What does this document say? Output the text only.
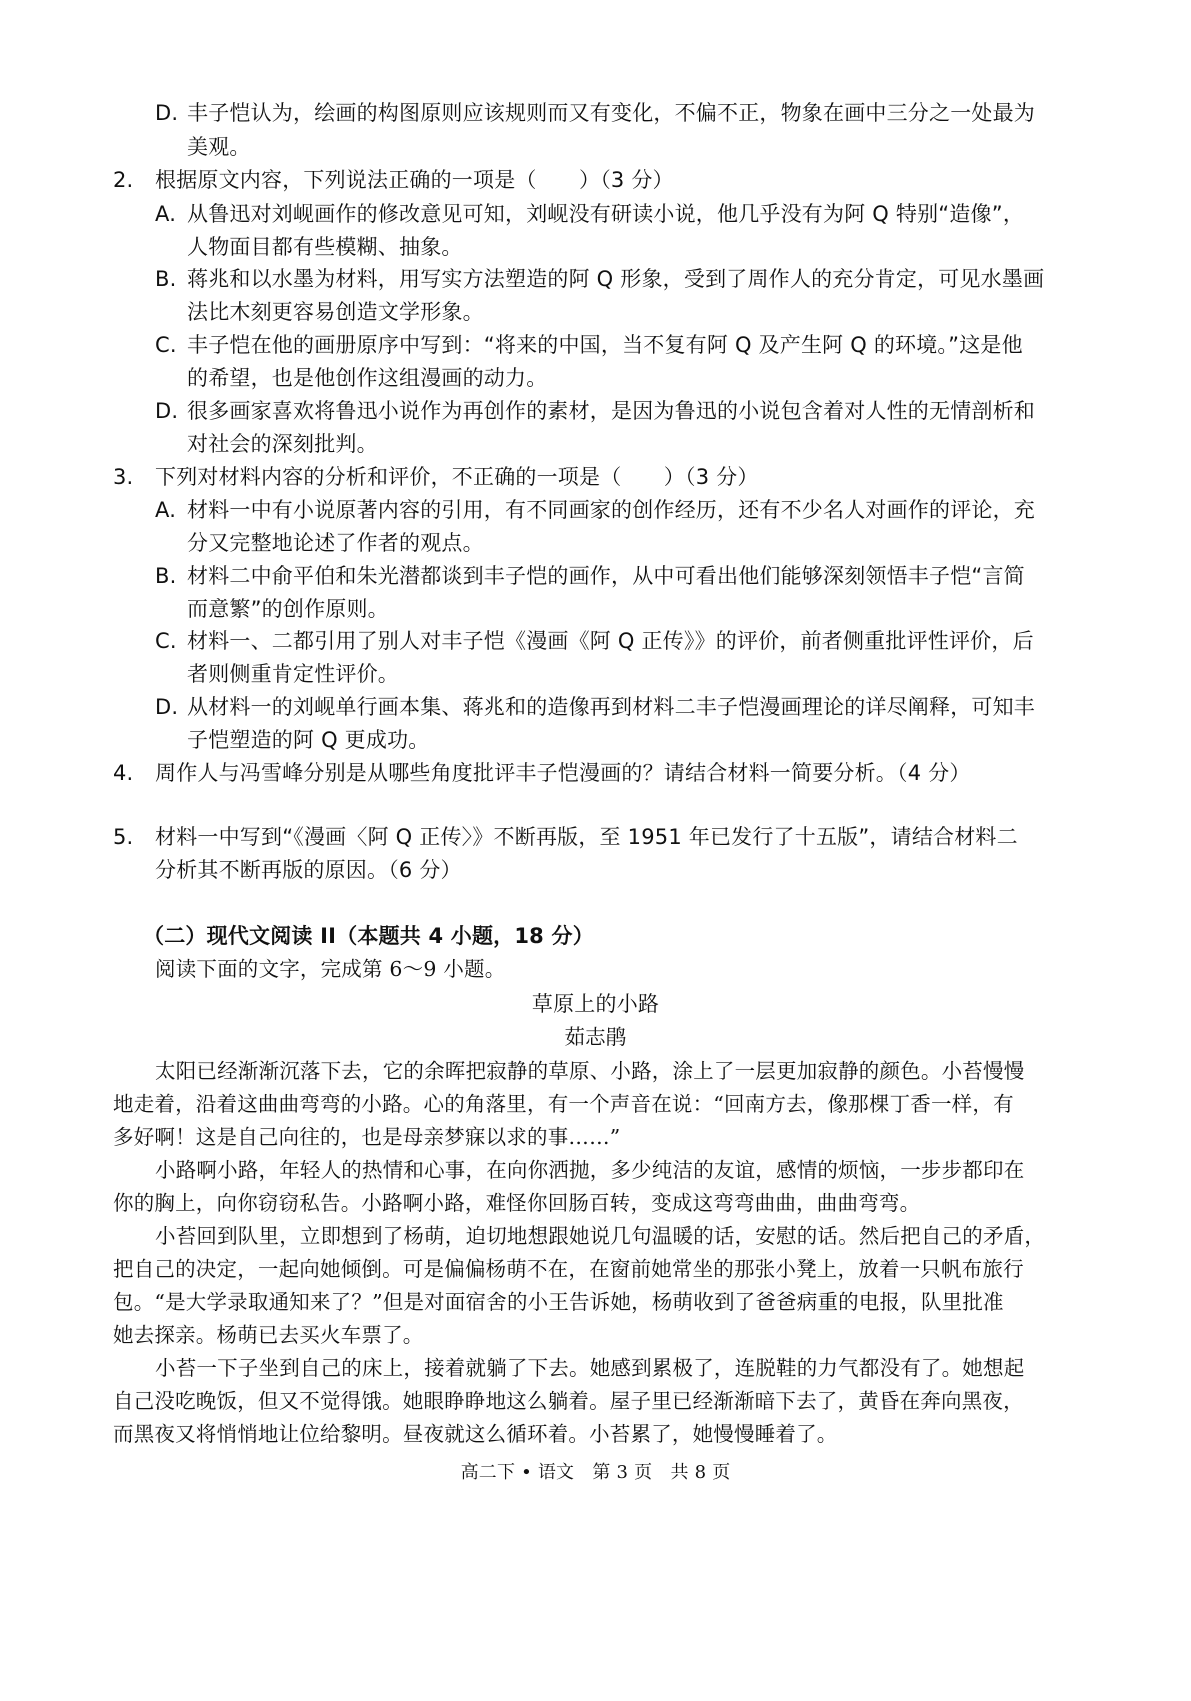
D. 丰子恺认为，绘画的构图原则应该规则而又有变化，不偏不正，物象在画中三分之一处最为
美观。
2. 根据原文内容，下列说法正确的一项是（　　）（3 分）
A. 从鲁迅对刘岘画作的修改意见可知，刘岘没有研读小说，他几乎没有为阿 Q 特别“造像”，
人物面目都有些模糊、抽象。
B. 蒋兆和以水墨为材料，用写实方法塑造的阿 Q 形象，受到了周作人的充分肯定，可见水墨画
法比木刻更容易创造文学形象。
C. 丰子恺在他的画册原序中写到：“将来的中国，当不复有阿 Q 及产生阿 Q 的环境。”这是他
的希望，也是他创作这组漫画的动力。
D. 很多画家喜欢将鲁迅小说作为再创作的素材，是因为鲁迅的小说包含着对人性的无情剖析和
对社会的深刻批判。
3. 下列对材料内容的分析和评价，不正确的一项是（　　）（3 分）
A. 材料一中有小说原著内容的引用，有不同画家的创作经历，还有不少名人对画作的评论，充
分又完整地论述了作者的观点。
B. 材料二中俞平伯和朱光潜都谈到丰子恺的画作，从中可看出他们能够深刻领悟丰子恺“言简
而意繁”的创作原则。
C. 材料一、二都引用了别人对丰子恺《漫画《阿 Q 正传》》的评价，前者侧重批评性评价，后
者则侧重肯定性评价。
D. 从材料一的刘岘单行画本集、蒋兆和的造像再到材料二丰子恺漫画理论的详尽阐释，可知丰
子恺塑造的阿 Q 更成功。
4. 周作人与冯雪峰分别是从哪些角度批评丰子恺漫画的？请结合材料一简要分析。（4 分）
5. 材料一中写到“《漫画〈阿 Q 正传〉》不断再版，至 1951 年已发行了十五版”，请结合材料二
分析其不断再版的原因。（6 分）
（二）现代文阅读 II（本题共 4 小题，18 分）
阅读下面的文字，完成第 6～9 小题。
草原上的小路
茹志鹃
太阳已经渐渐沉落下去，它的余晖把寂静的草原、小路，涂上了一层更加寂静的颜色。小苔慢慢
地走着，沿着这曲曲弯弯的小路。心的角落里，有一个声音在说：“回南方去，像那棵丁香一样，有
多好啊！这是自己向往的，也是母亲梦寐以求的事……”
小路啊小路，年轻人的热情和心事，在向你洒抛，多少纯洁的友谊，感情的烦恼，一步步都印在
你的胸上，向你窃窃私告。小路啊小路，难怪你回肠百转，变成这弯弯曲曲，曲曲弯弯。
小苔回到队里，立即想到了杨萌，迫切地想跟她说几句温暖的话，安慰的话。然后把自己的矛盾，
把自己的决定，一起向她倾倒。可是偏偏杨萌不在，在窗前她常坐的那张小凳上，放着一只帆布旅行
包。“是大学录取通知来了？”但是对面宿舍的小王告诉她，杨萌收到了爸爸病重的电报，队里批准
她去探亲。杨萌已去买火车票了。
小苔一下子坐到自己的床上，接着就躺了下去。她感到累极了，连脱鞋的力气都没有了。她想起
自己没吃晚饭，但又不觉得饿。她眼睁睁地这么躺着。屋子里已经渐渐暗下去了，黄昏在奔向黑夜，
而黑夜又将悄悄地让位给黎明。昼夜就这么循环着。小苔累了，她慢慢睡着了。
高二下 • 语文　第 3 页　共 8 页
